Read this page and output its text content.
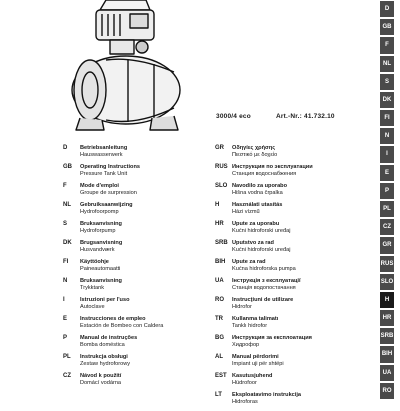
3000/4 eco	Art.-Nr.: 41.732.10
D Betriebsanleitung
Hauswasserwerk
GB Operating Instructions
Pressure Tank Unit
F Mode d'emploi
Groupe de surpression
NL Gebruiksaanwijzing
Hydrofoorpomp
S Bruksanvisning
Hydroforpump
DK Brugsanvisning
Husvandværk
FI Käyttöohje
Paineautomaatti
N Bruksanvisning
Trykktank
I	Istruzioni per l'uso
Autoclave
E Instrucciones de empleo
Estación de Bombeo con Caldera
P Manual de instruções
Bomba doméstica
PL Instrukcja obsługi
Zestaw hydroforowy
CZ Návod k použití
Domácí vodárna
GR Οδηγίες χρήσης
Πιεστικό με δοχείο
RUS Инструкция по эксплуатации
Станция водоснабжения
SLO Navodilo za uporabo
Hišna vodna črpalka
H Használati utasítás
Házi vízmű
HR Upute za uporabu
Kućni hidroforski uređaj
SRB Uputstvo za rad
Kućni hidroforski uređaj
BIH Upute za rad
Kućna hidroforska pumpa
UA Інструкція з експлуатації
Станція водопостачання
RO Instrucţiuni de utilizare
Hidrofor
TR Kullanma talimatı
Tanklı hidrofor
BG Инструкция за експлоатация
Хидрофор
AL Manual përdorimi
Impiant uji për shtëpi
EST Kasutusjuhend
Hüdrofoor
LT Eksploatavimo instrukcija
Hidroforas
D
GB
F
NL
S
DK
FI
N
I
E
P
PL
CZ
GR
RUS
SLO
H
HR
SRB
BIH
UA
RO
